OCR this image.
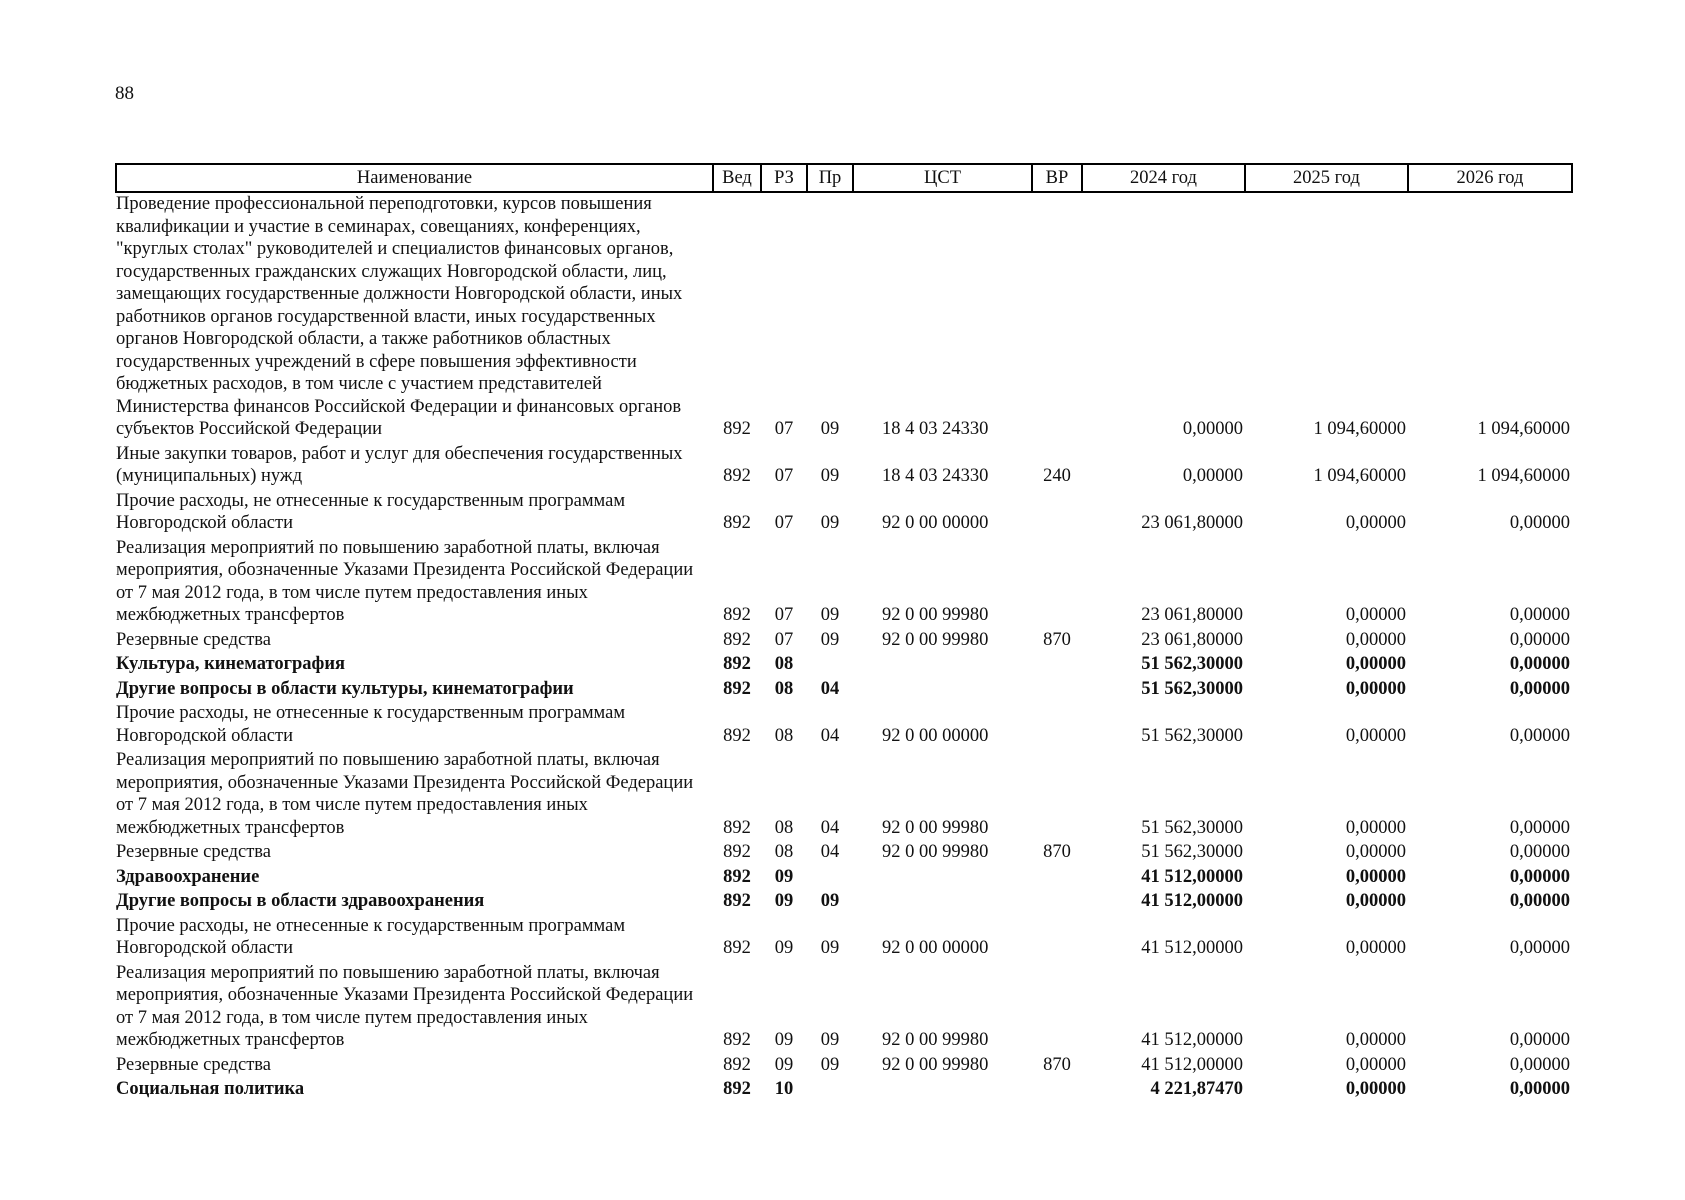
88
Наименование	Вед	РЗ	Пр	ЦСТ	ВР	2024 год	2025 год	2026 год
Проведение профессиональной переподготовки, курсов повышения квалификации и участие в семинарах, совещаниях, конференциях, "круглых столах" руководителей и специалистов финансовых органов, государственных гражданских служащих Новгородской области, лиц, замещающих государственные должности Новгородской области, иных работников органов государственной власти, иных государственных органов Новгородской области, а также работников областных государственных учреждений в сфере повышения эффективности бюджетных расходов, в том числе с участием представителей Министерства финансов Российской Федерации и финансовых органов субъектов Российской Федерации	892	07	09	18 4 03 24330		0,00000	1 094,60000	1 094,60000
Иные закупки товаров, работ и услуг для обеспечения государственных (муниципальных) нужд	892	07	09	18 4 03 24330	240	0,00000	1 094,60000	1 094,60000
Прочие расходы, не отнесенные к государственным программам Новгородской области	892	07	09	92 0 00 00000		23 061,80000	0,00000	0,00000
Реализация мероприятий по повышению заработной платы, включая мероприятия, обозначенные Указами Президента Российской Федерации от 7 мая 2012 года, в том числе путем предоставления иных межбюджетных трансфертов	892	07	09	92 0 00 99980		23 061,80000	0,00000	0,00000
Резервные средства	892	07	09	92 0 00 99980	870	23 061,80000	0,00000	0,00000
Культура, кинематография	892	08				51 562,30000	0,00000	0,00000
Другие вопросы в области культуры, кинематографии	892	08	04			51 562,30000	0,00000	0,00000
Прочие расходы, не отнесенные к государственным программам Новгородской области	892	08	04	92 0 00 00000		51 562,30000	0,00000	0,00000
Реализация мероприятий по повышению заработной платы, включая мероприятия, обозначенные Указами Президента Российской Федерации от 7 мая 2012 года, в том числе путем предоставления иных межбюджетных трансфертов	892	08	04	92 0 00 99980		51 562,30000	0,00000	0,00000
Резервные средства	892	08	04	92 0 00 99980	870	51 562,30000	0,00000	0,00000
Здравоохранение	892	09				41 512,00000	0,00000	0,00000
Другие вопросы в области здравоохранения	892	09	09			41 512,00000	0,00000	0,00000
Прочие расходы, не отнесенные к государственным программам Новгородской области	892	09	09	92 0 00 00000		41 512,00000	0,00000	0,00000
Реализация мероприятий по повышению заработной платы, включая мероприятия, обозначенные Указами Президента Российской Федерации от 7 мая 2012 года, в том числе путем предоставления иных межбюджетных трансфертов	892	09	09	92 0 00 99980		41 512,00000	0,00000	0,00000
Резервные средства	892	09	09	92 0 00 99980	870	41 512,00000	0,00000	0,00000
Социальная политика	892	10				4 221,87470	0,00000	0,00000
